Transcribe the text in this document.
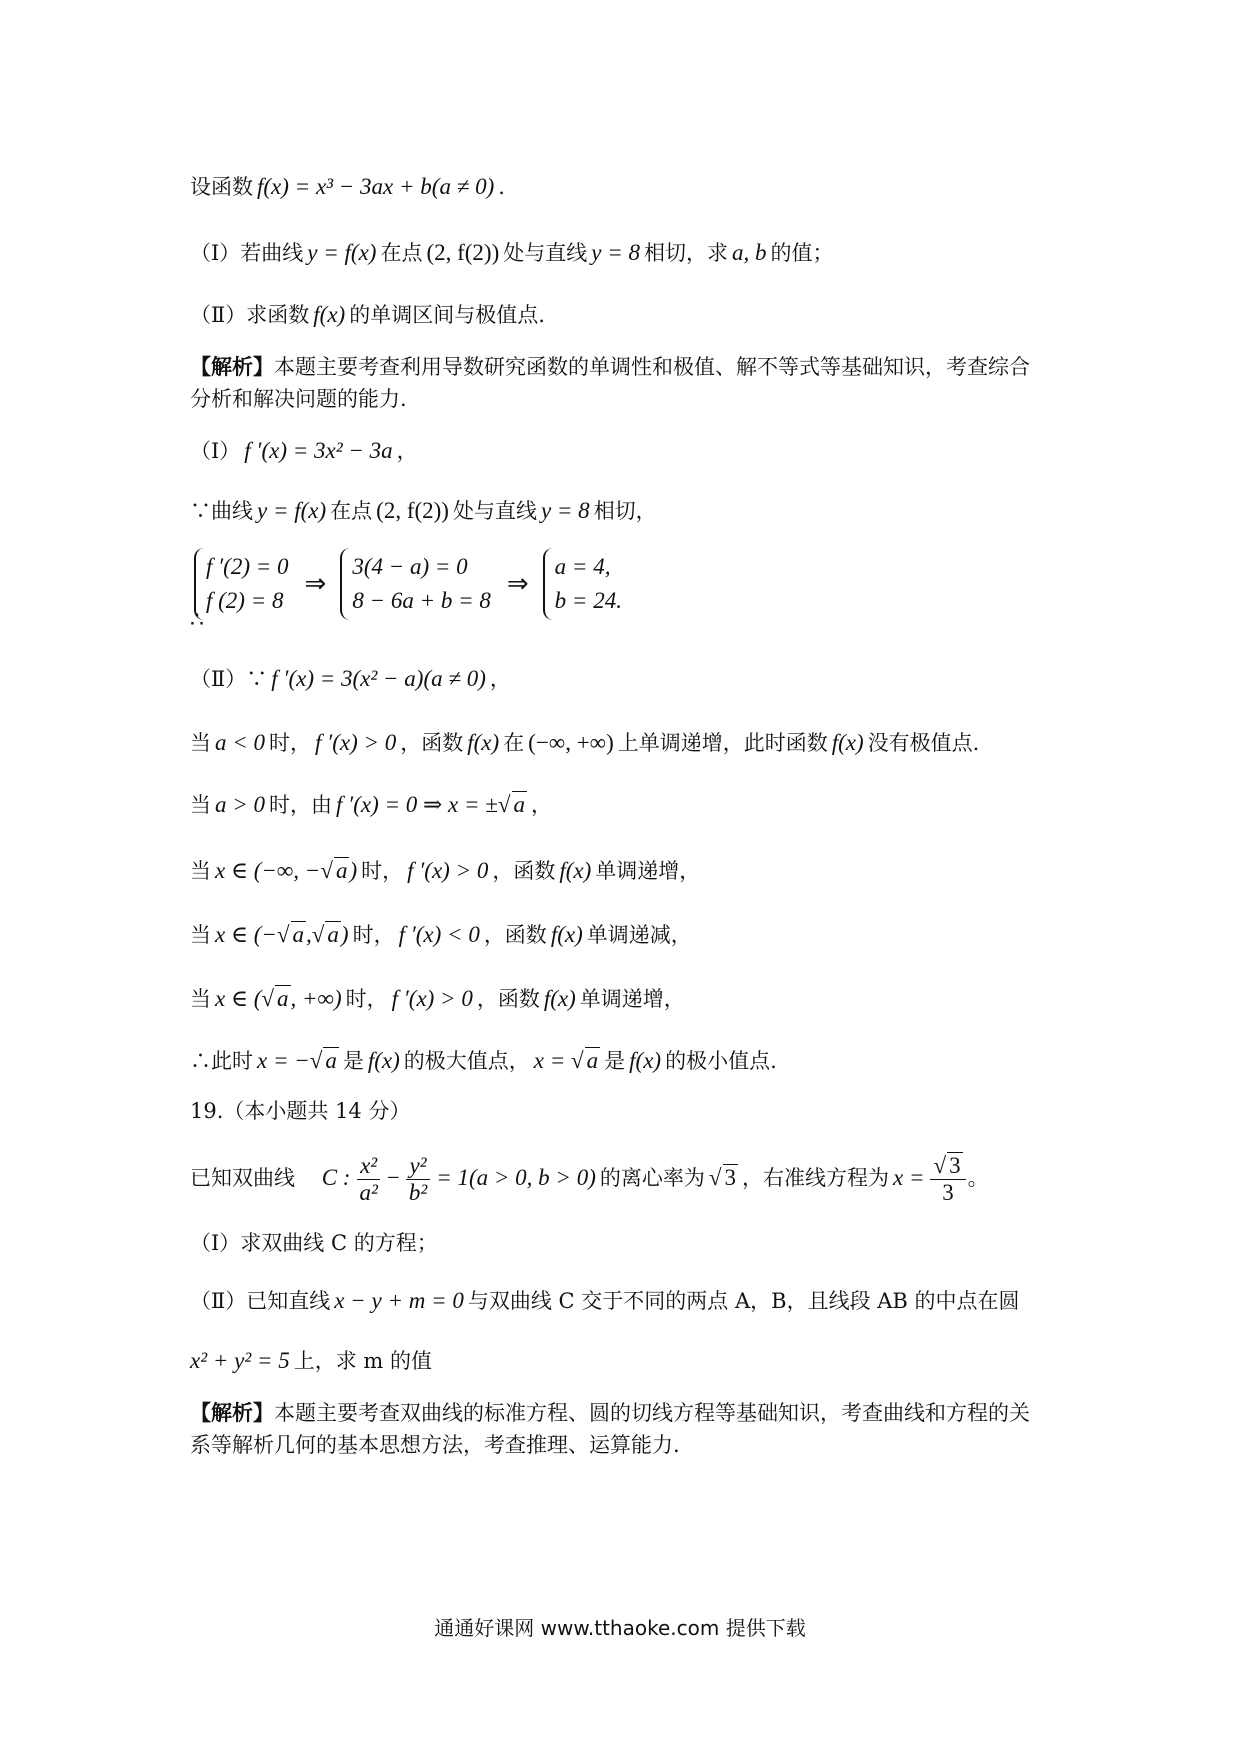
设函数 f(x) = x³ − 3ax + b(a ≠ 0) .
（Ⅰ）若曲线 y = f(x) 在点 (2, f(2)) 处与直线 y = 8 相切，求 a, b 的值；
（Ⅱ）求函数 f(x) 的单调区间与极值点.
【解析】本题主要考查利用导数研究函数的单调性和极值、解不等式等基础知识，考查综合
分析和解决问题的能力.
（Ⅰ） f ′(x) = 3x² − 3a ，
∵曲线 y = f(x) 在点 (2, f(2)) 处与直线 y = 8 相切，
f ′(2) = 0
f (2) = 8
⇒
3(4 − a) = 0
8 − 6a + b = 8
⇒
a = 4,
b = 24.
∴
（Ⅱ）∵ f ′(x) = 3(x² − a)(a ≠ 0) ，
当 a < 0 时， f ′(x) > 0 ，函数 f(x) 在 (−∞, +∞) 上单调递增，此时函数 f(x) 没有极值点.
当 a > 0 时，由 f ′(x) = 0 ⇒ x = ±√ a ，
当 x ∈ (−∞, −√ a) 时， f ′(x) > 0 ，函数 f(x) 单调递增，
当 x ∈ (−√ a,√ a) 时， f ′(x) < 0 ，函数 f(x) 单调递减，
当 x ∈ (√ a, +∞) 时， f ′(x) > 0 ，函数 f(x) 单调递增，
∴此时 x = −√ a 是 f(x) 的极大值点， x = √ a 是 f(x) 的极小值点.
19.（本小题共 14 分）
已知双曲线 C : $\frac{\text{x²}}{\text{a²}} - \frac{\text{y²}}{\text{b²}} = 1(a > 0$, b > 0) 的离心率为 √ 3 ，右准线方程为 $x = \frac{√ 3}{3}$ 。
（Ⅰ）求双曲线 C 的方程；
（Ⅱ）已知直线 x − y + m = 0 与双曲线 C 交于不同的两点 A，B，且线段 AB 的中点在圆
x² + y² = 5 上，求 m 的值
【解析】本题主要考查双曲线的标准方程、圆的切线方程等基础知识，考查曲线和方程的关
系等解析几何的基本思想方法，考查推理、运算能力.
通通好课网 www.tthaoke.com 提供下载
